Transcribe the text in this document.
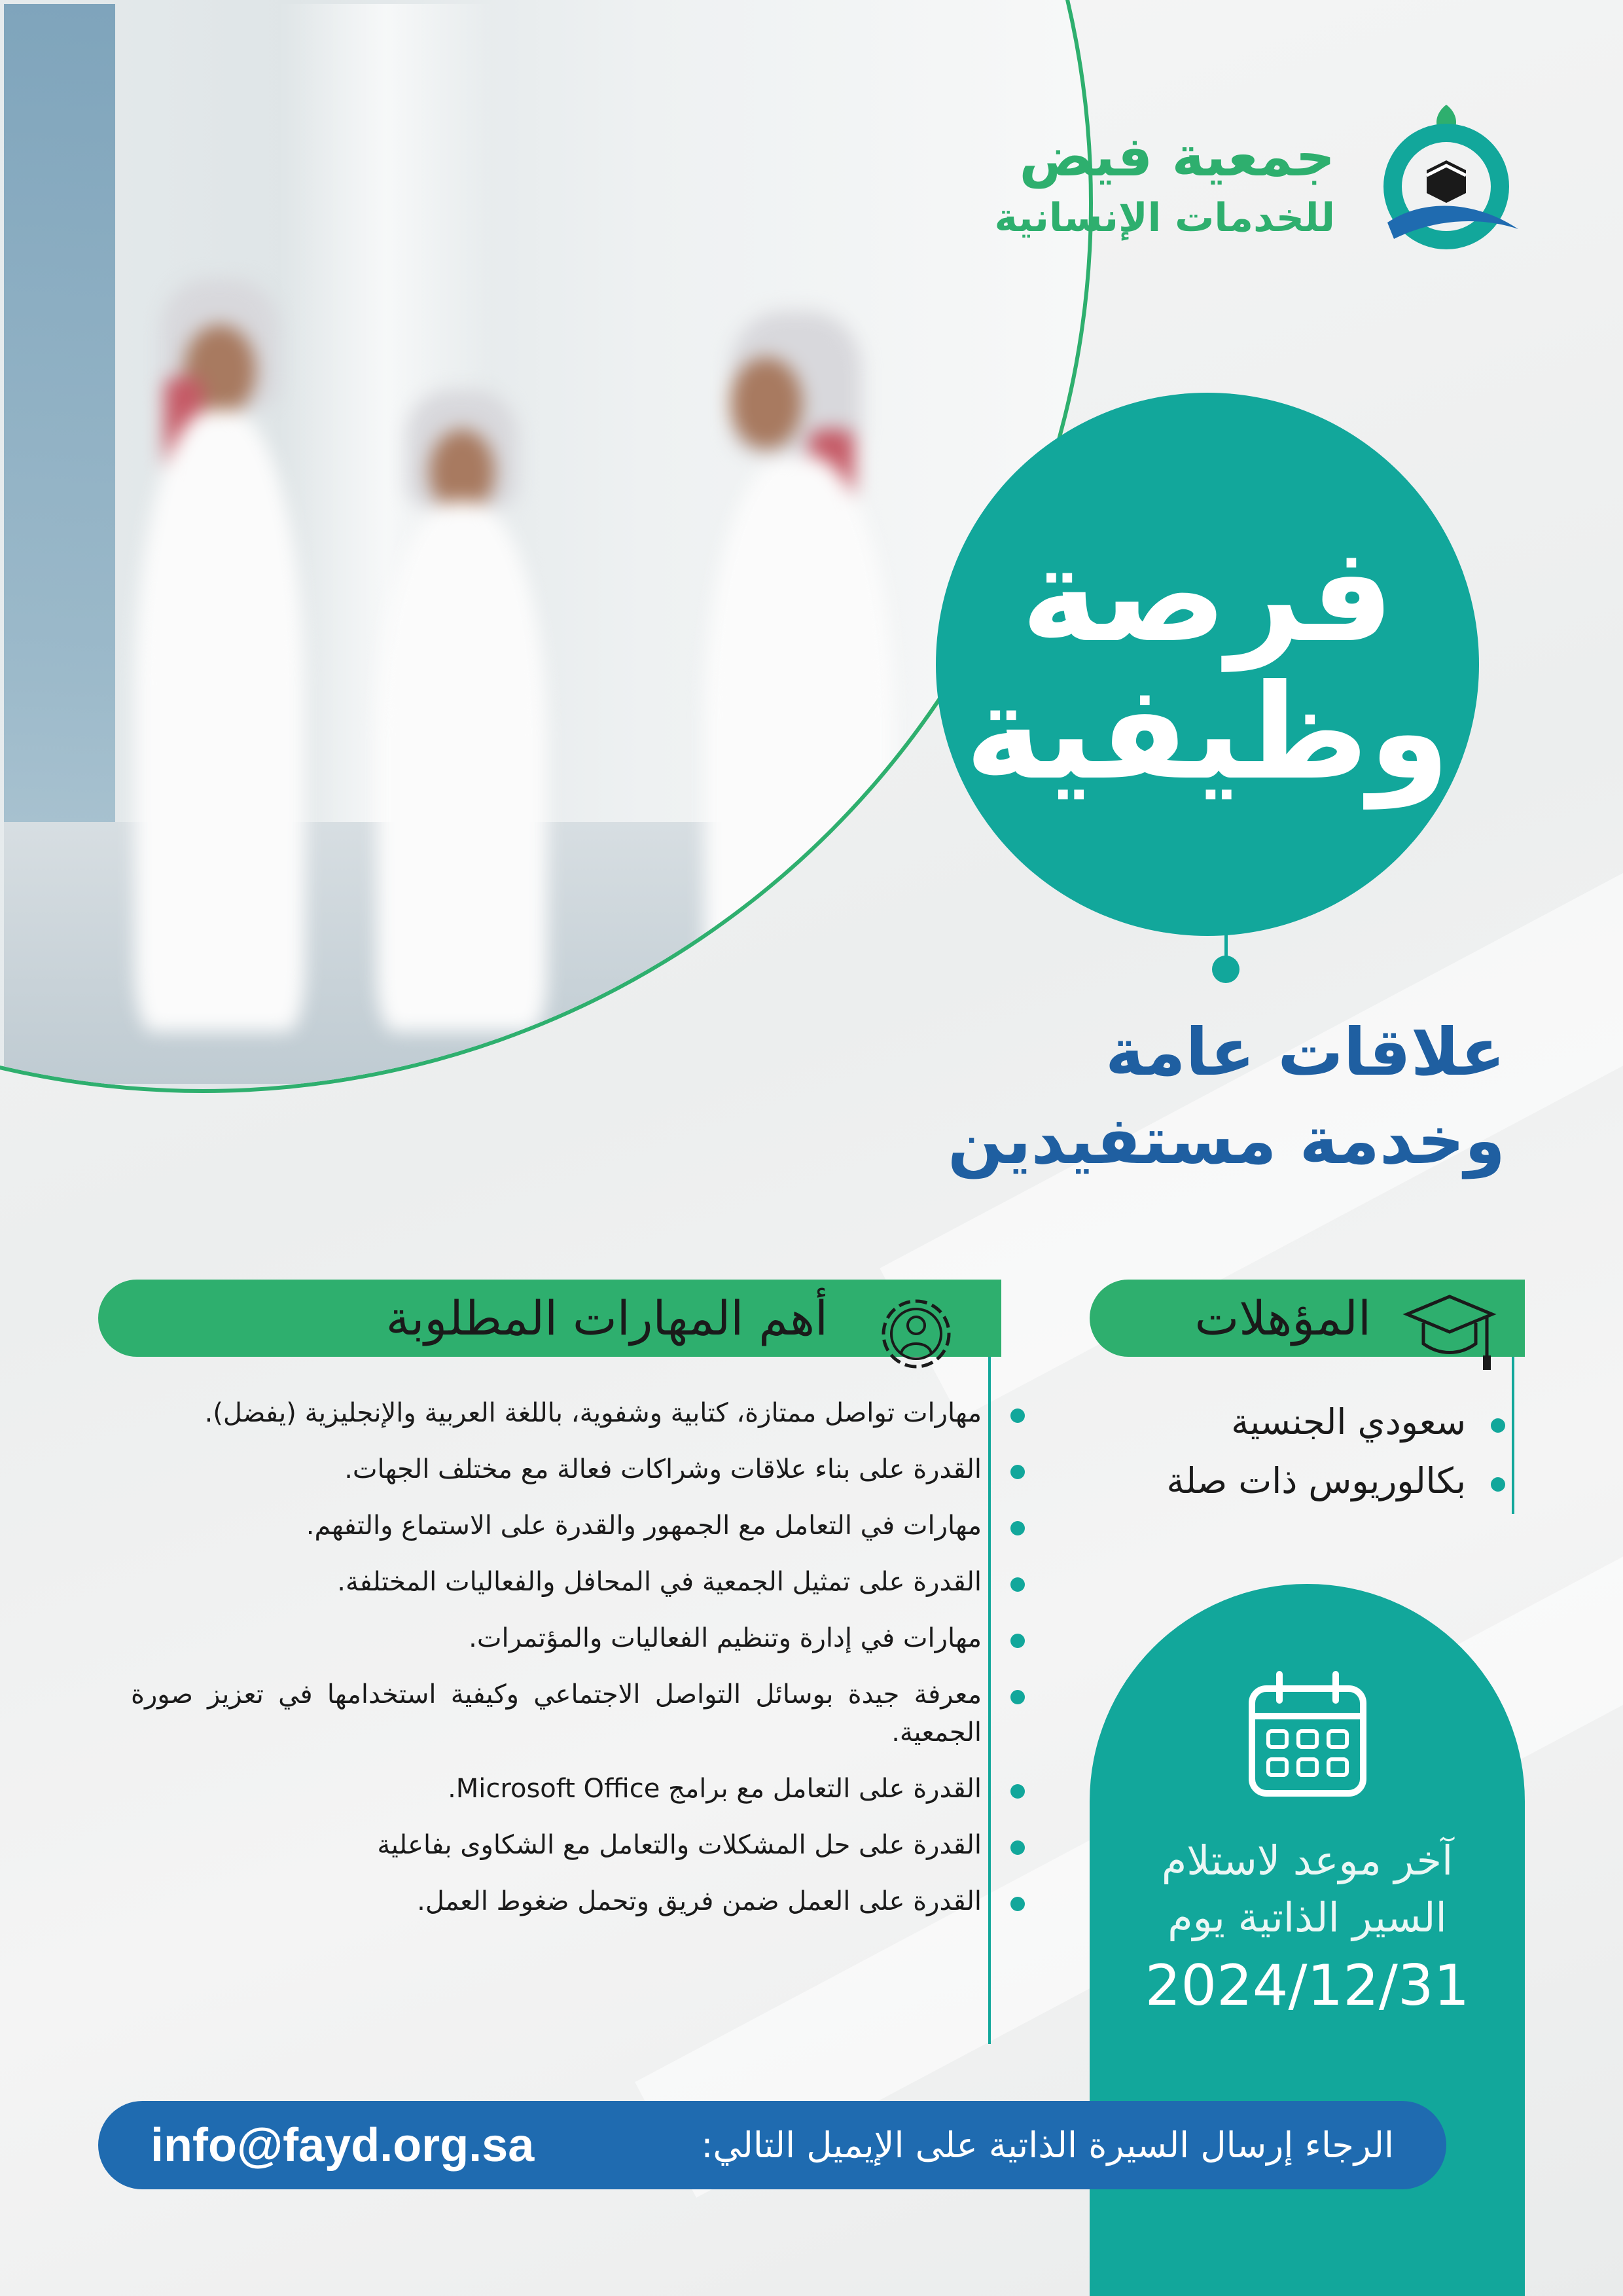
جمعية فيض
للخدمات الإنسانية
فرصة
وظيفية
علاقات عامة
وخدمة مستفيدين
أهم المهارات المطلوبة	المؤهلات
مهارات تواصل ممتازة، كتابية وشفوية، باللغة العربية والإنجليزية (يفضل).
القدرة على بناء علاقات وشراكات فعالة مع مختلف الجهات.
مهارات في التعامل مع الجمهور والقدرة على الاستماع والتفهم.
القدرة على تمثيل الجمعية في المحافل والفعاليات المختلفة.
مهارات في إدارة وتنظيم الفعاليات والمؤتمرات.
معرفة جيدة بوسائل التواصل الاجتماعي وكيفية استخدامها في تعزيز صورة الجمعية.
القدرة على التعامل مع برامج Microsoft Office.
القدرة على حل المشكلات والتعامل مع الشكاوى بفاعلية
القدرة على العمل ضمن فريق وتحمل ضغوط العمل.
سعودي الجنسية
بكالوريوس ذات صلة
آخر موعد لاستلام
السير الذاتية يوم
2024/12/31
info@fayd.org.sa	الرجاء إرسال السيرة الذاتية على الإيميل التالي:
